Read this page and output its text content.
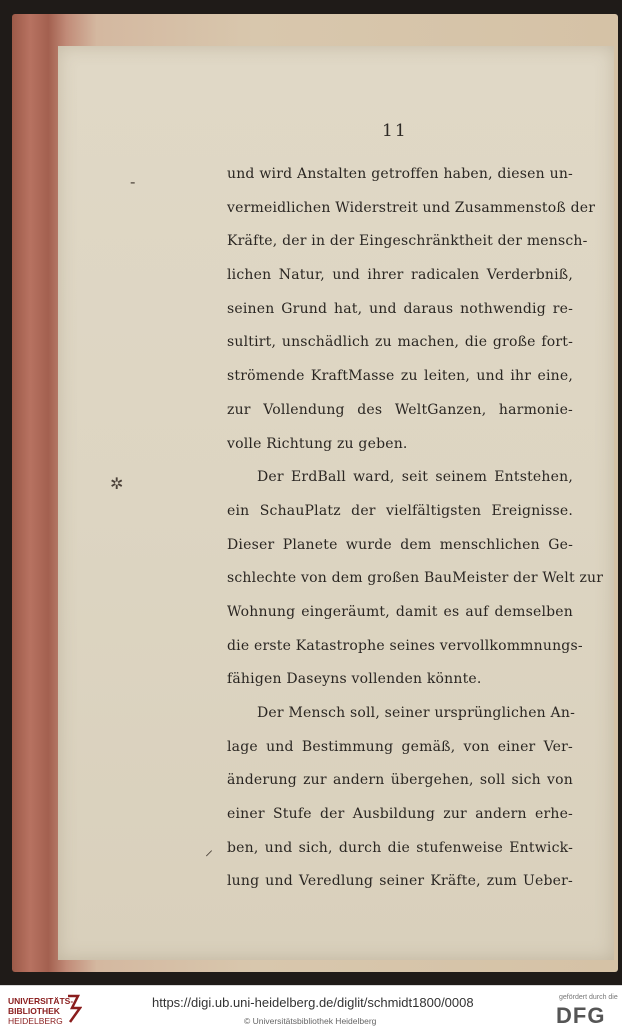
11
‑
✲
⸝
und wird Anstalten getroffen haben, diesen un-
vermeidlichen Widerstreit und Zusammenstoß der
Kräfte, der in der Eingeschränktheit der mensch-
lichen Natur, und ihrer radicalen Verderbniß,
seinen Grund hat, und daraus nothwendig re-
sultirt, unschädlich zu machen, die große fort-
strömende KraftMasse zu leiten, und ihr eine,
zur Vollendung des WeltGanzen, harmonie-
volle Richtung zu geben.
Der ErdBall ward, seit seinem Entstehen,
ein SchauPlatz der vielfältigsten Ereignisse.
Dieser Planete wurde dem menschlichen Ge-
schlechte von dem großen BauMeister der Welt zur
Wohnung eingeräumt, damit es auf demselben
die erste Katastrophe seines vervollkommnungs-
fähigen Daseyns vollenden könnte.
Der Mensch soll, seiner ursprünglichen An-
lage und Bestimmung gemäß, von einer Ver-
änderung zur andern übergehen, soll sich von
einer Stufe der Ausbildung zur andern erhe-
ben, und sich, durch die stufenweise Entwick-
lung und Veredlung seiner Kräfte, zum Ueber-
UNIVERSITÄTS-
BIBLIOTHEK
HEIDELBERG
https://digi.ub.uni-heidelberg.de/diglit/schmidt1800/0008
© Universitätsbibliothek Heidelberg
gefördert durch die
DFG
